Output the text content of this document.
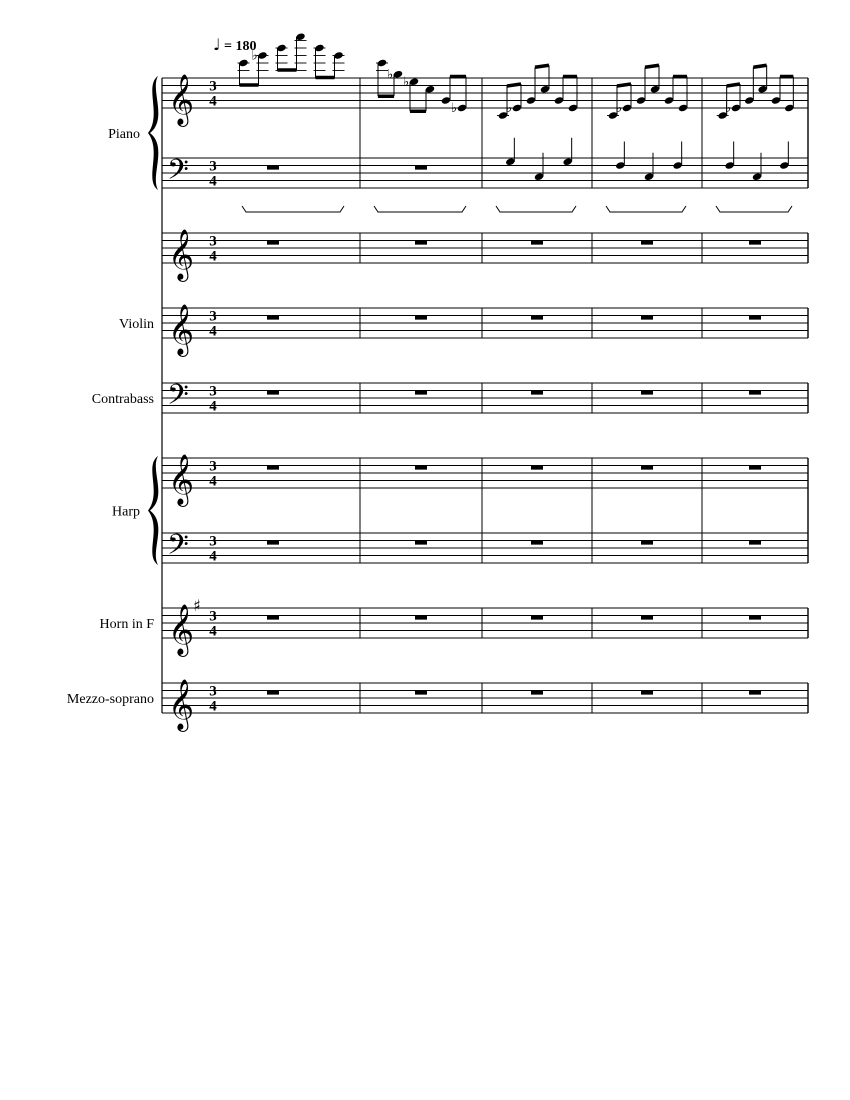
Piano
Violin
Contrabass
Harp
Horn in F
Mezzo-soprano
𝄞
𝄢
𝄞
𝄞
𝄢
𝄞
𝄢
𝄞
𝄞
♯
3
4
3
4
3
4
3
4
3
4
3
4
3
4
3
4
3
4
♩ = 180
♭
♭ ♭
♭	♭	♭	♭
